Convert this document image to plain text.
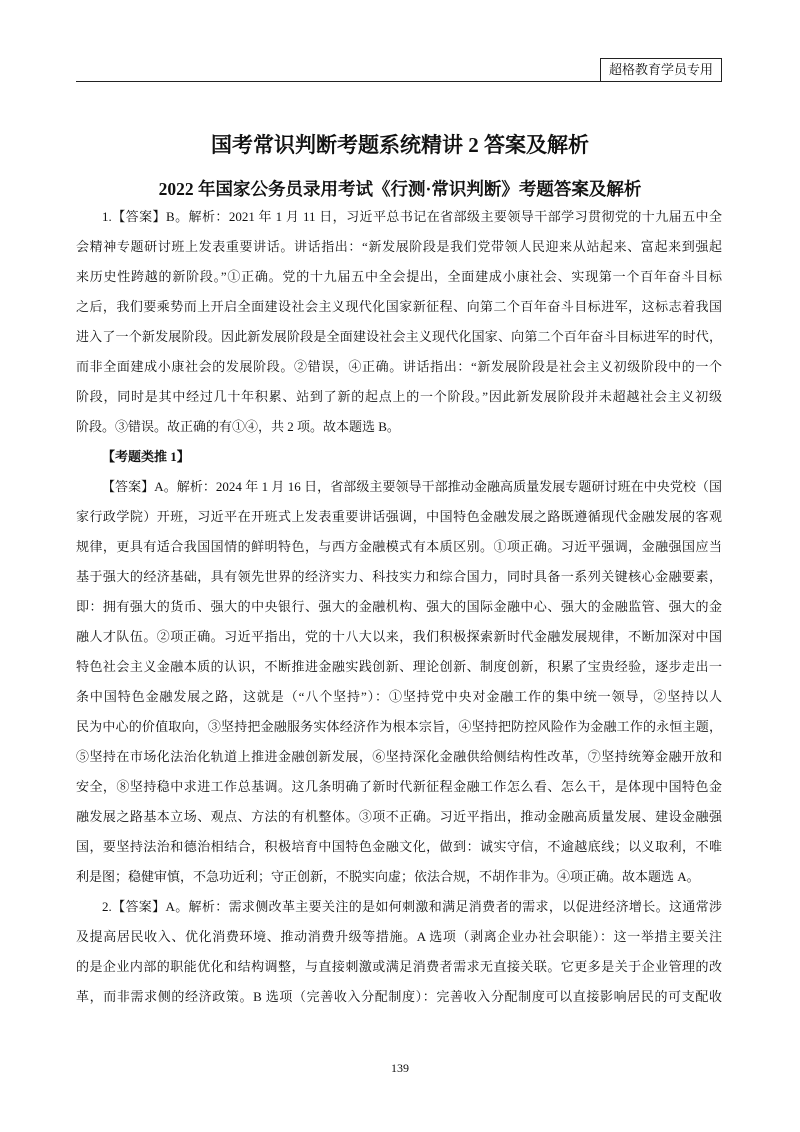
超格教育学员专用
国考常识判断考题系统精讲 2 答案及解析
2022 年国家公务员录用考试《行测·常识判断》考题答案及解析
1.【答案】B。解析：2021 年 1 月 11 日，习近平总书记在省部级主要领导干部学习贯彻党的十九届五中全
会精神专题研讨班上发表重要讲话。讲话指出：“新发展阶段是我们党带领人民迎来从站起来、富起来到强起
来历史性跨越的新阶段。”①正确。党的十九届五中全会提出，全面建成小康社会、实现第一个百年奋斗目标
之后，我们要乘势而上开启全面建设社会主义现代化国家新征程、向第二个百年奋斗目标进军，这标志着我国
进入了一个新发展阶段。因此新发展阶段是全面建设社会主义现代化国家、向第二个百年奋斗目标进军的时代，
而非全面建成小康社会的发展阶段。②错误，④正确。讲话指出：“新发展阶段是社会主义初级阶段中的一个
阶段，同时是其中经过几十年积累、站到了新的起点上的一个阶段。”因此新发展阶段并未超越社会主义初级
阶段。③错误。故正确的有①④，共 2 项。故本题选 B。
【考题类推 1】
【答案】A。解析：2024 年 1 月 16 日，省部级主要领导干部推动金融高质量发展专题研讨班在中央党校（国
家行政学院）开班，习近平在开班式上发表重要讲话强调，中国特色金融发展之路既遵循现代金融发展的客观
规律，更具有适合我国国情的鲜明特色，与西方金融模式有本质区别。①项正确。习近平强调，金融强国应当
基于强大的经济基础，具有领先世界的经济实力、科技实力和综合国力，同时具备一系列关键核心金融要素，
即：拥有强大的货币、强大的中央银行、强大的金融机构、强大的国际金融中心、强大的金融监管、强大的金
融人才队伍。②项正确。习近平指出，党的十八大以来，我们积极探索新时代金融发展规律，不断加深对中国
特色社会主义金融本质的认识，不断推进金融实践创新、理论创新、制度创新，积累了宝贵经验，逐步走出一
条中国特色金融发展之路，这就是（“八个坚持”）：①坚持党中央对金融工作的集中统一领导，②坚持以人
民为中心的价值取向，③坚持把金融服务实体经济作为根本宗旨，④坚持把防控风险作为金融工作的永恒主题，
⑤坚持在市场化法治化轨道上推进金融创新发展，⑥坚持深化金融供给侧结构性改革，⑦坚持统筹金融开放和
安全，⑧坚持稳中求进工作总基调。这几条明确了新时代新征程金融工作怎么看、怎么干，是体现中国特色金
融发展之路基本立场、观点、方法的有机整体。③项不正确。习近平指出，推动金融高质量发展、建设金融强
国，要坚持法治和德治相结合，积极培育中国特色金融文化，做到：诚实守信，不逾越底线；以义取利，不唯
利是图；稳健审慎，不急功近利；守正创新，不脱实向虚；依法合规，不胡作非为。④项正确。故本题选 A。
2.【答案】A。解析：需求侧改革主要关注的是如何刺激和满足消费者的需求，以促进经济增长。这通常涉
及提高居民收入、优化消费环境、推动消费升级等措施。A 选项（剥离企业办社会职能）：这一举措主要关注
的是企业内部的职能优化和结构调整，与直接刺激或满足消费者需求无直接关联。它更多是关于企业管理的改
革，而非需求侧的经济政策。B 选项（完善收入分配制度）：完善收入分配制度可以直接影响居民的可支配收
139
